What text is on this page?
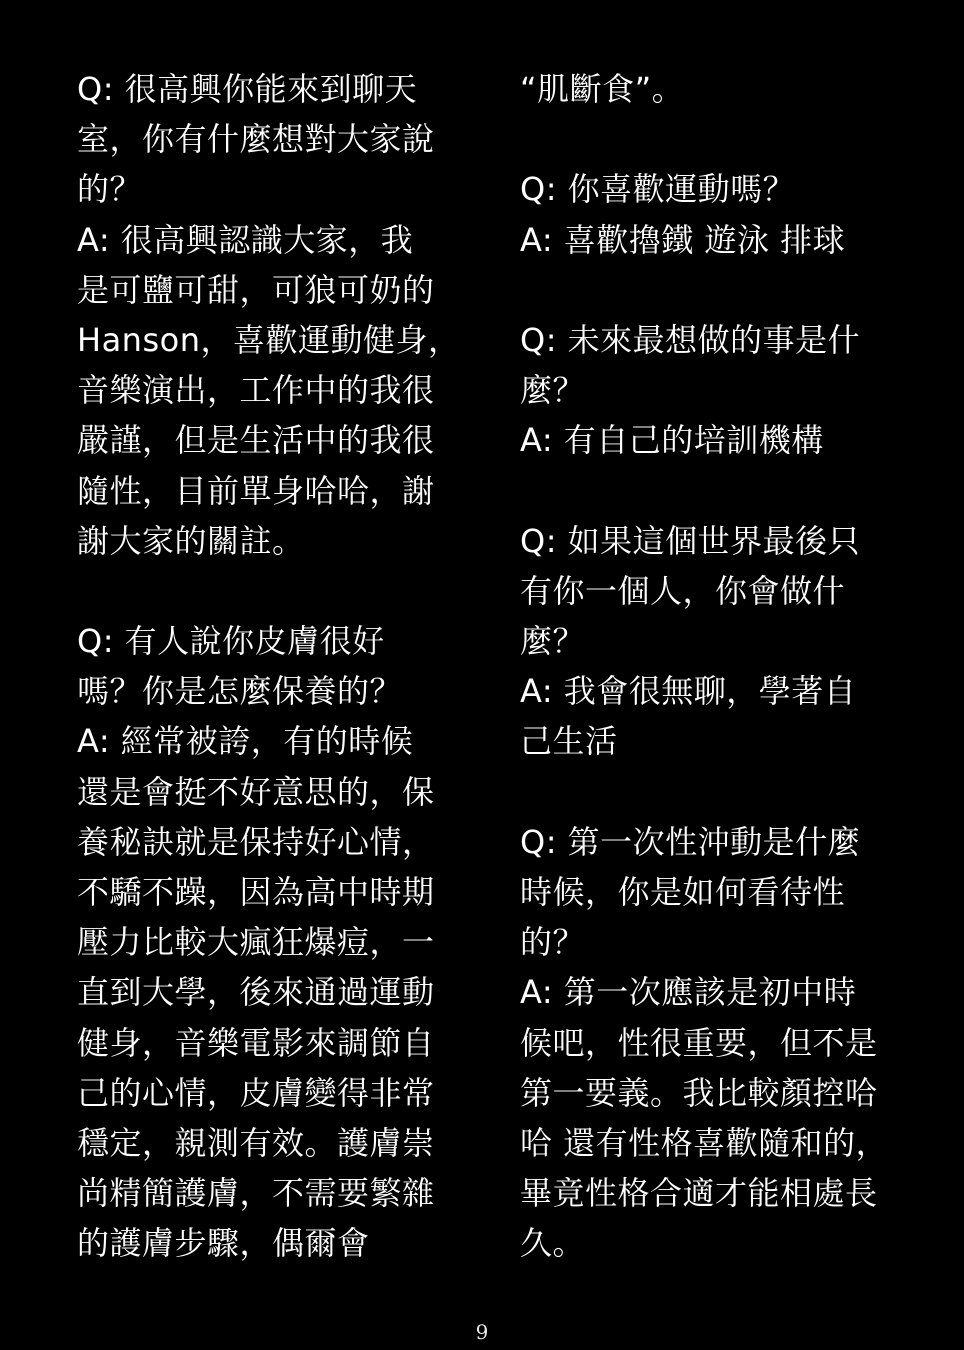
Q: 很高興你能來到聊天
室，你有什麼想對大家說
的？
A: 很高興認識大家，我
是可鹽可甜，可狼可奶的
Hanson，喜歡運動健身，
音樂演出，工作中的我很
嚴謹，但是生活中的我很
隨性，目前單身哈哈，謝
謝大家的關註。
Q: 有人說你皮膚很好
嗎？你是怎麼保養的？
A: 經常被誇，有的時候
還是會挺不好意思的，保
養秘訣就是保持好心情，
不驕不躁，因為高中時期
壓力比較大瘋狂爆痘，一
直到大學，後來通過運動
健身，音樂電影來調節自
己的心情，皮膚變得非常
穩定，親測有效。護膚崇
尚精簡護膚，不需要繁雜
的護膚步驟，偶爾會
“肌斷食”。
Q: 你喜歡運動嗎？
A: 喜歡擼鐵 遊泳 排球
Q: 未來最想做的事是什
麼？
A: 有自己的培訓機構
Q: 如果這個世界最後只
有你一個人，你會做什
麼？
A: 我會很無聊，學著自
己生活
Q: 第一次性沖動是什麼
時候，你是如何看待性
的？
A: 第一次應該是初中時
候吧，性很重要，但不是
第一要義。我比較顏控哈
哈 還有性格喜歡隨和的，
畢竟性格合適才能相處長
久。
9
